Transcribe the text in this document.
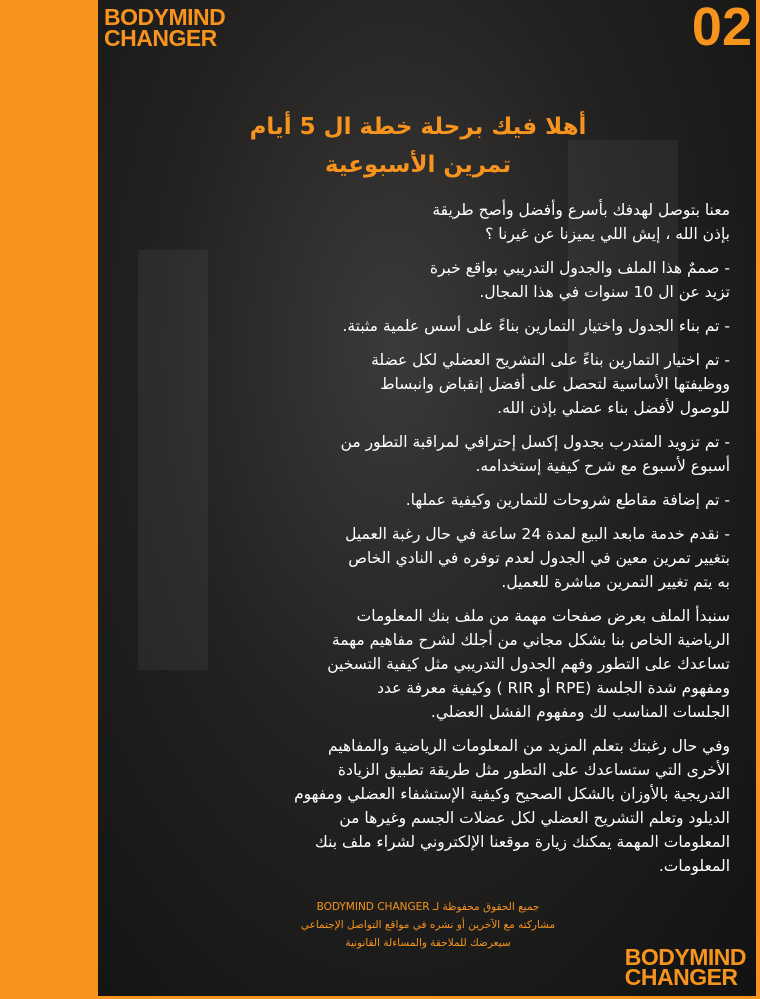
BODYMIND
CHANGER	02
أهلا فيك برحلة خطة ال 5 أيام
تمرين الأسبوعية

معنا بتوصل لهدفك بأسرع وأفضل وأصح طريقة
بإذن الله ، إيش اللي يميزنا عن غيرنا ؟

- صممٌ هذا الملف والجدول التدريبي بواقع خبرة
تزيد عن ال 10 سنوات في هذا المجال.

- تم بناء الجدول واختيار التمارين بناءً على أسس علمية مثبتة.

- تم اختيار التمارين بناءً على التشريح العضلي لكل عضلة
ووظيفتها الأساسية لتحصل على أفضل إنقباض وانبساط
للوصول لأفضل بناء عضلي بإذن الله.

- تم تزويد المتدرب بجدول إكسل إحترافي لمراقبة التطور من
أسبوع لأسبوع مع شرح كيفية إستخدامه.

- تم إضافة مقاطع شروحات للتمارين وكيفية عملها.

- نقدم خدمة مابعد البيع لمدة 24 ساعة في حال رغبة العميل
بتغيير تمرين معين في الجدول لعدم توفره في النادي الخاص
به يتم تغيير التمرين مباشرة للعميل.

سنبدأ الملف بعرض صفحات مهمة من ملف بنك المعلومات
الرياضية الخاص بنا بشكل مجاني من أجلك لشرح مفاهيم مهمة
تساعدك على التطور وفهم الجدول التدريبي مثل كيفية التسخين
ومفهوم شدة الجلسة (RPE أو RIR ) وكيفية معرفة عدد
الجلسات المناسب لك ومفهوم الفشل العضلي.

وفي حال رغبتك بتعلم المزيد من المعلومات الرياضية والمفاهيم
الأخرى التي ستساعدك على التطور مثل طريقة تطبيق الزيادة
التدريجية بالأوزان بالشكل الصحيح وكيفية الإستشفاء العضلي ومفهوم
الديلود وتعلم التشريح العضلي لكل عضلات الجسم وغيرها من
المعلومات المهمة يمكنك زيارة موقعنا الإلكتروني لشراء ملف بنك
المعلومات.

جميع الحقوق محفوظة لـ BODYMIND CHANGER
مشاركته مع الآخرين أو نشره في مواقع التواصل الإجتماعي
سيعرضك للملاحقة والمساءلة القانونية
BODYMIND
CHANGER
